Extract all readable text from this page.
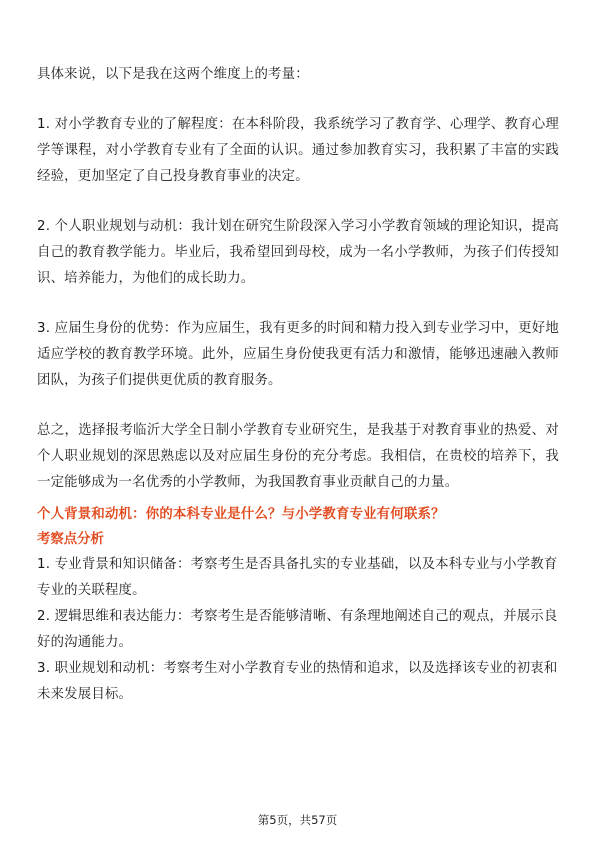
具体来说，以下是我在这两个维度上的考量：

1. 对小学教育专业的了解程度：在本科阶段，我系统学习了教育学、心理学、教育心理学等课程，对小学教育专业有了全面的认识。通过参加教育实习，我积累了丰富的实践经验，更加坚定了自己投身教育事业的决定。

2. 个人职业规划与动机：我计划在研究生阶段深入学习小学教育领域的理论知识，提高自己的教育教学能力。毕业后，我希望回到母校，成为一名小学教师，为孩子们传授知识、培养能力，为他们的成长助力。

3. 应届生身份的优势：作为应届生，我有更多的时间和精力投入到专业学习中，更好地适应学校的教育教学环境。此外，应届生身份使我更有活力和激情，能够迅速融入教师团队，为孩子们提供更优质的教育服务。

总之，选择报考临沂大学全日制小学教育专业研究生，是我基于对教育事业的热爱、对个人职业规划的深思熟虑以及对应届生身份的充分考虑。我相信，在贵校的培养下，我一定能够成为一名优秀的小学教师，为我国教育事业贡献自己的力量。

个人背景和动机：你的本科专业是什么？与小学教育专业有何联系？

考察点分析

1. 专业背景和知识储备：考察考生是否具备扎实的专业基础，以及本科专业与小学教育专业的关联程度。

2. 逻辑思维和表达能力：考察考生是否能够清晰、有条理地阐述自己的观点，并展示良好的沟通能力。

3. 职业规划和动机：考察考生对小学教育专业的热情和追求，以及选择该专业的初衷和未来发展目标。

第5页，共57页
